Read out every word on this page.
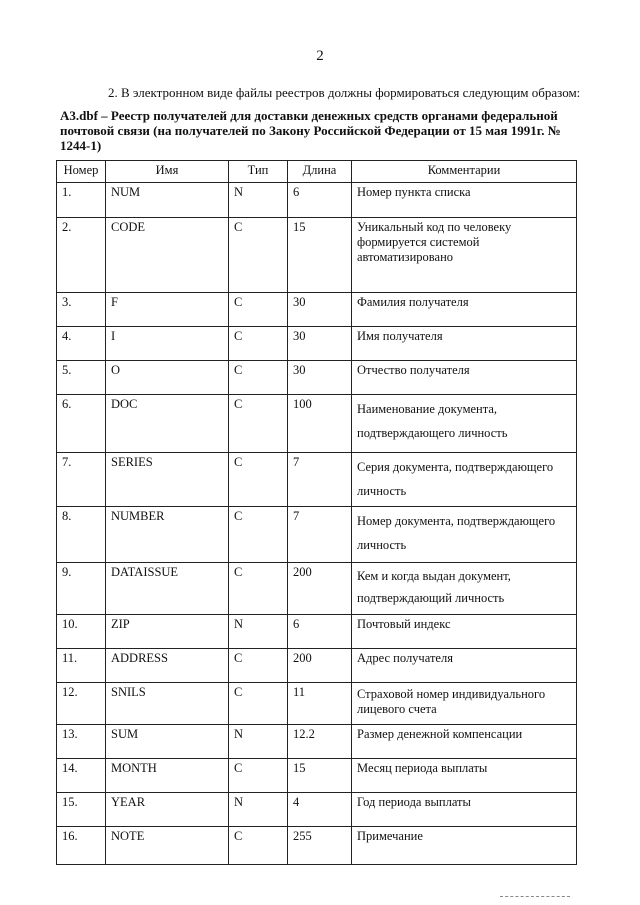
2
2. В электронном виде файлы реестров должны формироваться следующим образом:
А3.dbf – Реестр получателей для доставки денежных средств органами федеральной почтовой связи (на получателей по Закону Российской Федерации от 15 мая 1991г. № 1244-1)
Номер	Имя	Тип	Длина	Комментарии
1.	NUM	N	6	Номер пункта списка
2.	CODE	C	15	Уникальный код по человеку формируется системой автоматизировано
3.	F	C	30	Фамилия получателя
4.	I	C	30	Имя получателя
5.	O	C	30	Отчество получателя
6.	DOC	C	100	Наименование документа, подтверждающего личность
7.	SERIES	C	7	Серия документа, подтверждающего личность
8.	NUMBER	C	7	Номер документа, подтверждающего личность
9.	DATAISSUE	C	200	Кем и когда выдан документ, подтверждающий личность
10.	ZIP	N	6	Почтовый индекс
11.	ADDRESS	C	200	Адрес получателя
12.	SNILS	C	11	Страховой номер индивидуального лицевого счета
13.	SUM	N	12.2	Размер денежной компенсации
14.	MONTH	C	15	Месяц периода выплаты
15.	YEAR	N	4	Год периода выплаты
16.	NOTE	C	255	Примечание
